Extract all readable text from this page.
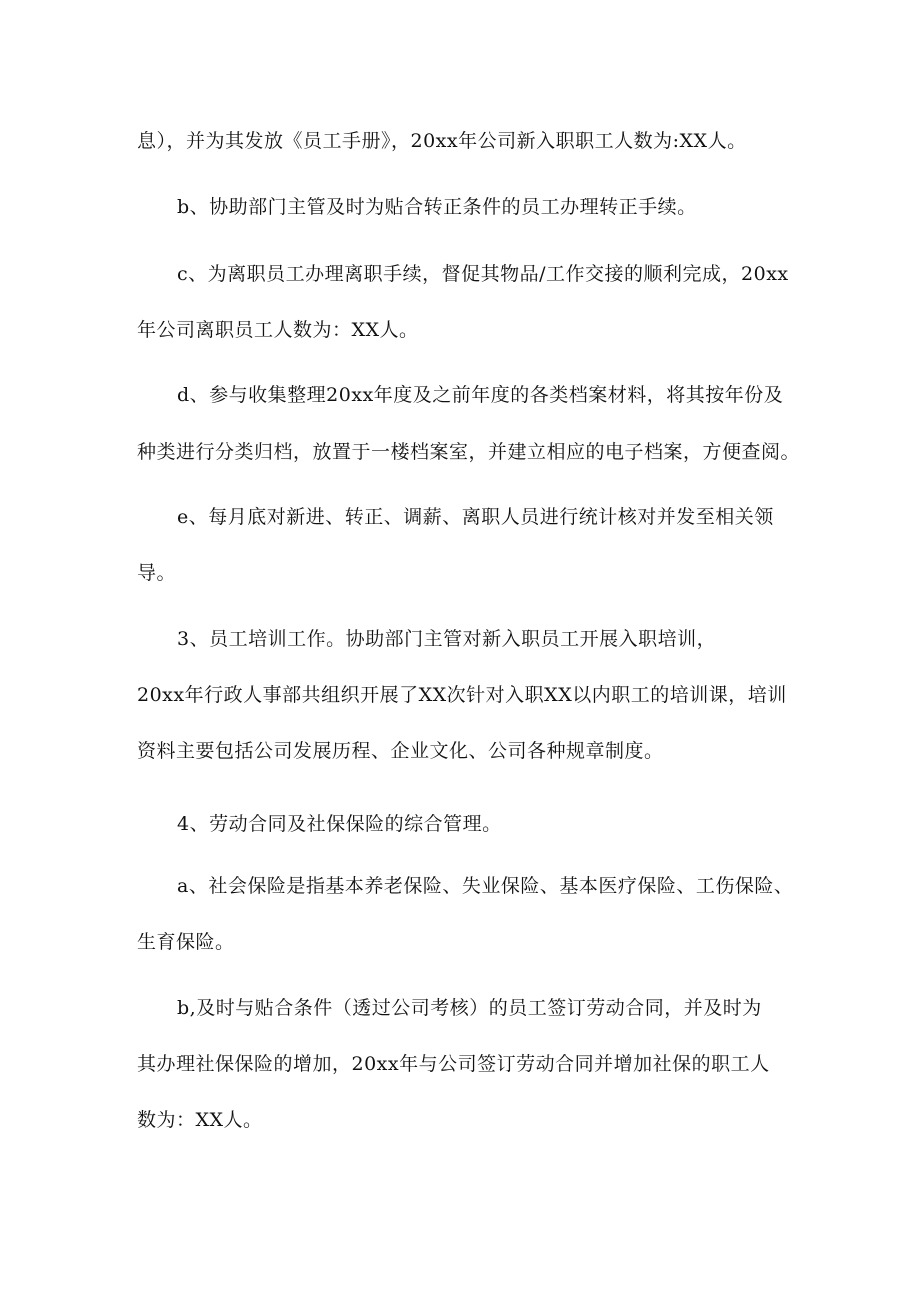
息），并为其发放《员工手册》，20xx年公司新入职职工人数为:XX人。
b、协助部门主管及时为贴合转正条件的员工办理转正手续。
c、为离职员工办理离职手续，督促其物品/工作交接的顺利完成，20xx
年公司离职员工人数为：XX人。
d、参与收集整理20xx年度及之前年度的各类档案材料，将其按年份及
种类进行分类归档，放置于一楼档案室，并建立相应的电子档案，方便查阅。
e、每月底对新进、转正、调薪、离职人员进行统计核对并发至相关领
导。
3、员工培训工作。协助部门主管对新入职员工开展入职培训，
20xx年行政人事部共组织开展了XX次针对入职XX以内职工的培训课，培训
资料主要包括公司发展历程、企业文化、公司各种规章制度。
4、劳动合同及社保保险的综合管理。
a、社会保险是指基本养老保险、失业保险、基本医疗保险、工伤保险、
生育保险。
b,及时与贴合条件（透过公司考核）的员工签订劳动合同，并及时为
其办理社保保险的增加，20xx年与公司签订劳动合同并增加社保的职工人
数为：XX人。
